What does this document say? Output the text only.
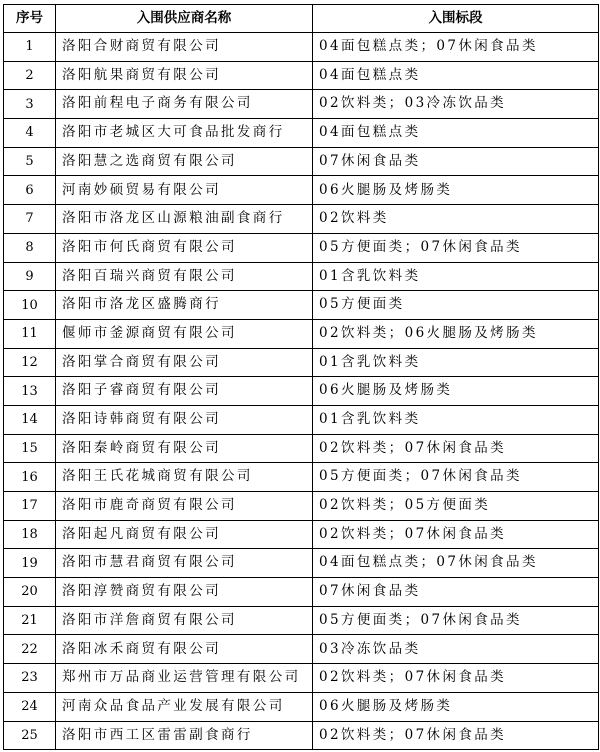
序号	入围供应商名称	入围标段
1	洛阳合财商贸有限公司	04面包糕点类；07休闲食品类
2	洛阳航果商贸有限公司	04面包糕点类
3	洛阳前程电子商务有限公司	02饮料类；03冷冻饮品类
4	洛阳市老城区大可食品批发商行	04面包糕点类
5	洛阳慧之选商贸有限公司	07休闲食品类
6	河南妙硕贸易有限公司	06火腿肠及烤肠类
7	洛阳市洛龙区山源粮油副食商行	02饮料类
8	洛阳市何氏商贸有限公司	05方便面类；07休闲食品类
9	洛阳百瑞兴商贸有限公司	01含乳饮料类
10	洛阳市洛龙区盛腾商行	05方便面类
11	偃师市釜源商贸有限公司	02饮料类；06火腿肠及烤肠类
12	洛阳掌合商贸有限公司	01含乳饮料类
13	洛阳子睿商贸有限公司	06火腿肠及烤肠类
14	洛阳诗韩商贸有限公司	01含乳饮料类
15	洛阳秦岭商贸有限公司	02饮料类；07休闲食品类
16	洛阳王氏花城商贸有限公司	05方便面类；07休闲食品类
17	洛阳市鹿奇商贸有限公司	02饮料类；05方便面类
18	洛阳起凡商贸有限公司	02饮料类；07休闲食品类
19	洛阳市慧君商贸有限公司	04面包糕点类；07休闲食品类
20	洛阳淳赞商贸有限公司	07休闲食品类
21	洛阳市洋詹商贸有限公司	05方便面类；07休闲食品类
22	洛阳冰禾商贸有限公司	03冷冻饮品类
23	郑州市万品商业运营管理有限公司	02饮料类；07休闲食品类
24	河南众品食品产业发展有限公司	06火腿肠及烤肠类
25	洛阳市西工区雷雷副食商行	02饮料类；07休闲食品类
